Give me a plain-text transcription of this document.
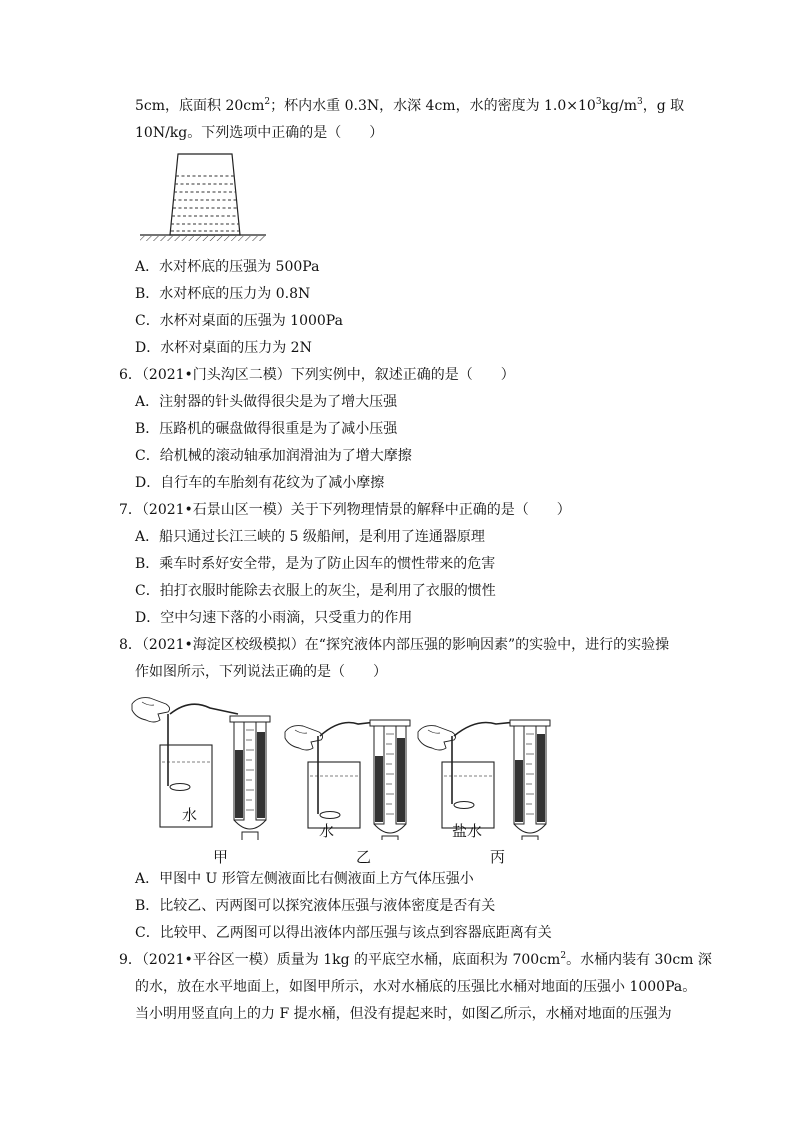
5cm，底面积 $20cm^2$；杯内水重 0.3N，水深 4cm，水的密度为 $1.0\times 10^3kg/m^3$，g 取
10N/kg。下列选项中正确的是（　　）
A．水对杯底的压强为 500Pa
B．水对杯底的压力为 0.8N
C．水杯对桌面的压强为 1000Pa
D．水杯对桌面的压力为 2N
6．（2021•门头沟区二模）下列实例中，叙述正确的是（　　）
A．注射器的针头做得很尖是为了增大压强
B．压路机的碾盘做得很重是为了减小压强
C．给机械的滚动轴承加润滑油为了增大摩擦
D．自行车的车胎刻有花纹为了减小摩擦
7．（2021•石景山区一模）关于下列物理情景的解释中正确的是（　　）
A．船只通过长江三峡的 5 级船闸，是利用了连通器原理
B．乘车时系好安全带，是为了防止因车的惯性带来的危害
C．拍打衣服时能除去衣服上的灰尘，是利用了衣服的惯性
D．空中匀速下落的小雨滴，只受重力的作用
8．（2021•海淀区校级模拟）在“探究液体内部压强的影响因素”的实验中，进行的实验操
作如图所示，下列说法正确的是（　　）
水
水	盐水
甲	乙	丙
A．甲图中 U 形管左侧液面比右侧液面上方气体压强小
B．比较乙、丙两图可以探究液体压强与液体密度是否有关
C．比较甲、乙两图可以得出液体内部压强与该点到容器底距离有关
9．（2021•平谷区一模）质量为 1kg 的平底空水桶，底面积为 $700cm^2$。水桶内装有 30cm 深
的水，放在水平地面上，如图甲所示，水对水桶底的压强比水桶对地面的压强小 1000Pa。
当小明用竖直向上的力 F 提水桶，但没有提起来时，如图乙所示，水桶对地面的压强为
